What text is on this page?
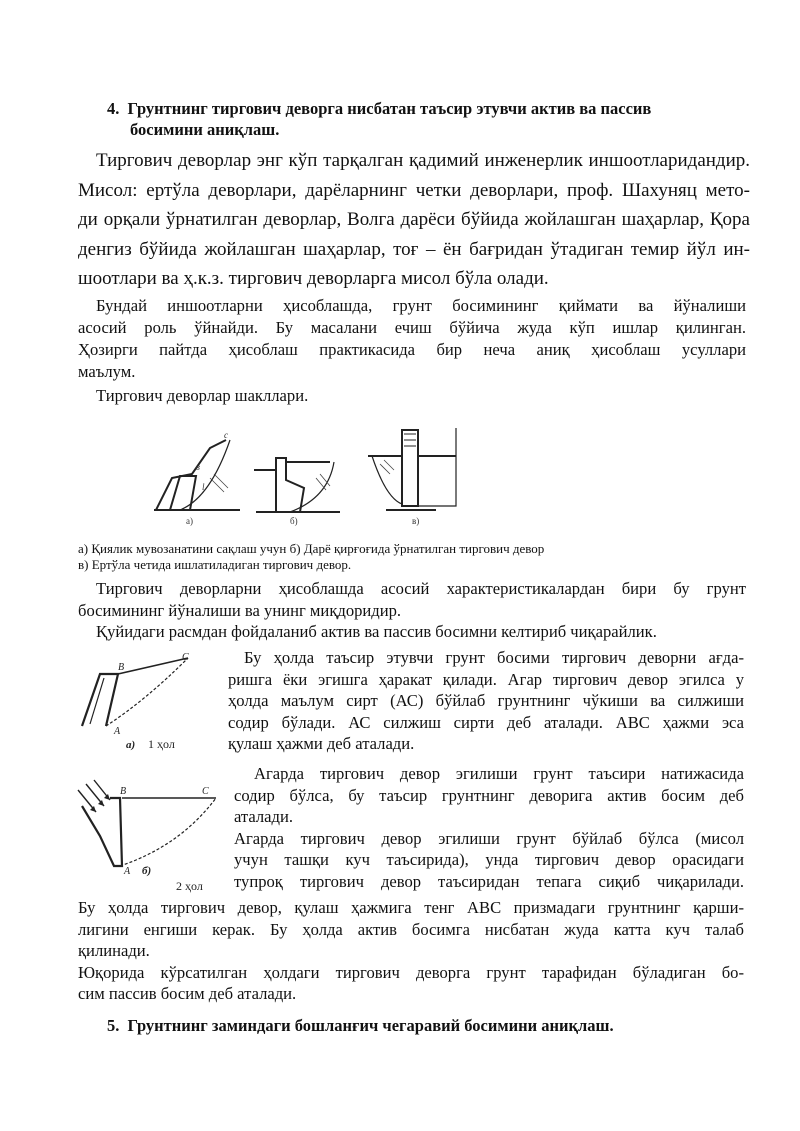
4. Грунтнинг тиргович деворга нисбатан таъсир этувчи актив ва пассив
босимини аниқлаш.
Тиргович деворлар энг кўп тарқалган қадимий инженерлик иншоотларидандир.
Мисол: ертўла деворлари, дарёларнинг четки деворлари, проф. Шахуняц мето-
ди орқали ўрнатилган деворлар, Волга дарёси бўйида жойлашган шаҳарлар, Қора
денгиз бўйида жойлашган шаҳарлар, тоғ – ён бағридан ўтадиган темир йўл ин-
шоотлари ва ҳ.к.з. тиргович деворларга мисол бўла олади.
Бундай иншоотларни ҳисоблашда, грунт босимининг қиймати ва йўналиши
асосий роль ўйнайди. Бу масалани ечиш бўйича жуда кўп ишлар қилинган.
Ҳозирги пайтда ҳисоблаш практикасида бир неча аниқ ҳисоблаш усуллари
маълум.
Тиргович деворлар шакллари.
a)	б)	в)
c
в
l
а) Қиялик мувозанатини сақлаш учун б) Дарё қирғоғида ўрнатилган тиргович девор
в) Ертўла четида ишлатиладиган тиргович девор.
Тиргович деворларни ҳисоблашда асосий характеристикалардан бири бу грунт
босимининг йўналиши ва унинг миқдоридир.
Қуйидаги расмдан фойдаланиб актив ва пассив босимни келтириб чиқарайлик.
C
B
A
а) 1 ҳол
Бу ҳолда таъсир этувчи грунт босими тиргович деворни ағда-
ришга ёки эгишга ҳаракат қилади. Агар тиргович девор эгилса у
ҳолда маълум сирт (АС) бўйлаб грунтнинг чўкиши ва силжиши
содир бўлади. АС силжиш сирти деб аталади. АВС ҳажми эса
қулаш ҳажми деб аталади.
B	C
A б)
2 ҳол
Агарда тиргович девор эгилиши грунт таъсири натижасида
содир бўлса, бу таъсир грунтнинг деворига актив босим деб
аталади.
Агарда тиргович девор эгилиши грунт бўйлаб бўлса (мисол
учун ташқи куч таъсирида), унда тиргович девор орасидаги
тупроқ тиргович девор таъсиридан тепага сиқиб чиқарилади.
Бу ҳолда тиргович девор, қулаш ҳажмига тенг АВС призмадаги грунтнинг қарши-
лигини енгиши керак. Бу ҳолда актив босимга нисбатан жуда катта куч талаб
қилинади.
Юқорида кўрсатилган ҳолдаги тиргович деворга грунт тарафидан бўладиган бо-
сим пассив босим деб аталади.
5. Грунтнинг заминдаги бошланғич чегаравий босимини аниқлаш.
